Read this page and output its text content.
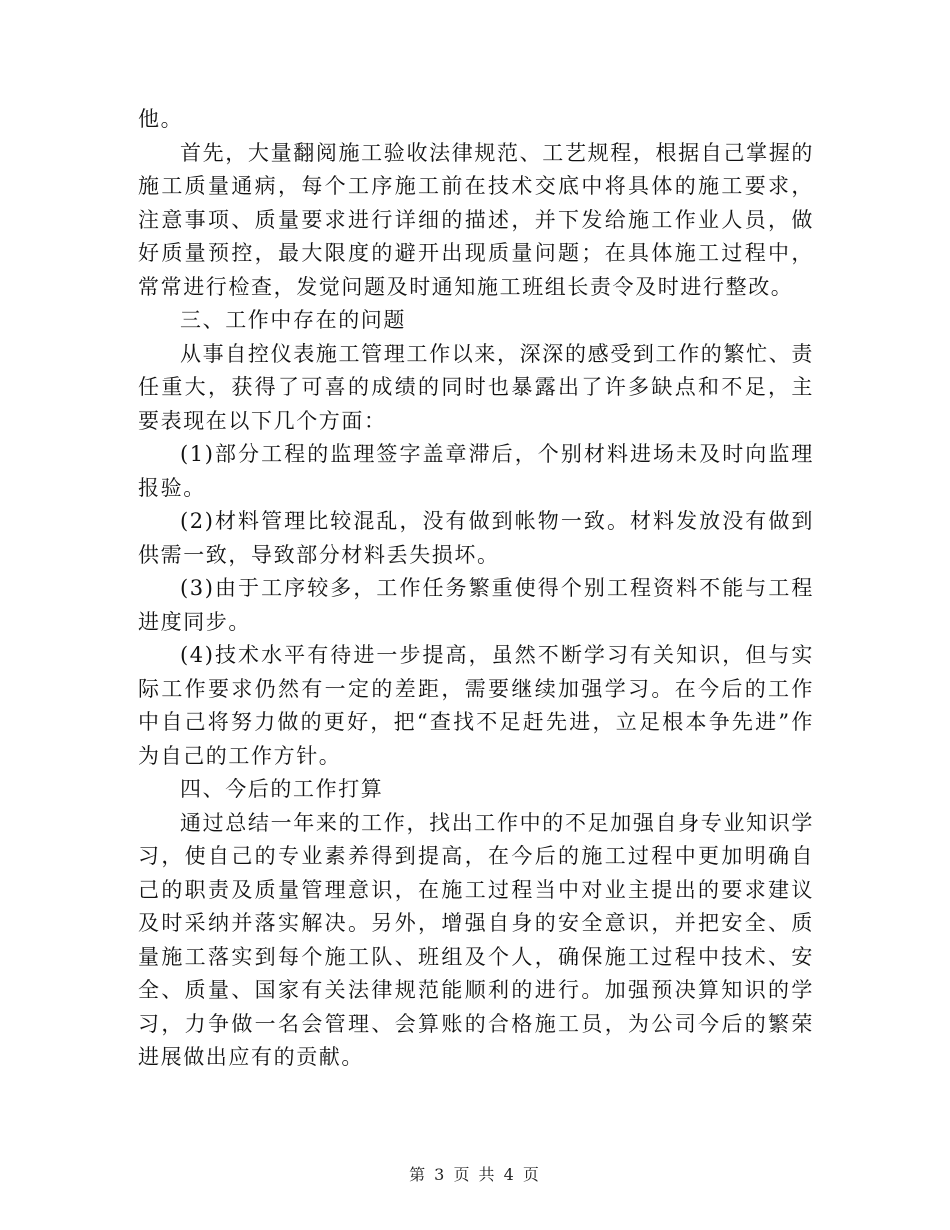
他。

首先，大量翻阅施工验收法律规范、工艺规程，根据自己掌握的施工质量通病，每个工序施工前在技术交底中将具体的施工要求，注意事项、质量要求进行详细的描述，并下发给施工作业人员，做好质量预控，最大限度的避开出现质量问题；在具体施工过程中，常常进行检查，发觉问题及时通知施工班组长责令及时进行整改。

三、工作中存在的问题

从事自控仪表施工管理工作以来，深深的感受到工作的繁忙、责任重大，获得了可喜的成绩的同时也暴露出了许多缺点和不足，主要表现在以下几个方面：

(1)部分工程的监理签字盖章滞后，个别材料进场未及时向监理报验。

(2)材料管理比较混乱，没有做到帐物一致。材料发放没有做到供需一致，导致部分材料丢失损坏。

(3)由于工序较多，工作任务繁重使得个别工程资料不能与工程进度同步。

(4)技术水平有待进一步提高，虽然不断学习有关知识，但与实际工作要求仍然有一定的差距，需要继续加强学习。在今后的工作中自己将努力做的更好，把“查找不足赶先进，立足根本争先进”作为自己的工作方针。

四、今后的工作打算

通过总结一年来的工作，找出工作中的不足加强自身专业知识学习，使自己的专业素养得到提高，在今后的施工过程中更加明确自己的职责及质量管理意识，在施工过程当中对业主提出的要求建议及时采纳并落实解决。另外，增强自身的安全意识，并把安全、质量施工落实到每个施工队、班组及个人，确保施工过程中技术、安全、质量、国家有关法律规范能顺利的进行。加强预决算知识的学习，力争做一名会管理、会算账的合格施工员，为公司今后的繁荣进展做出应有的贡献。

第 3 页 共 4 页
